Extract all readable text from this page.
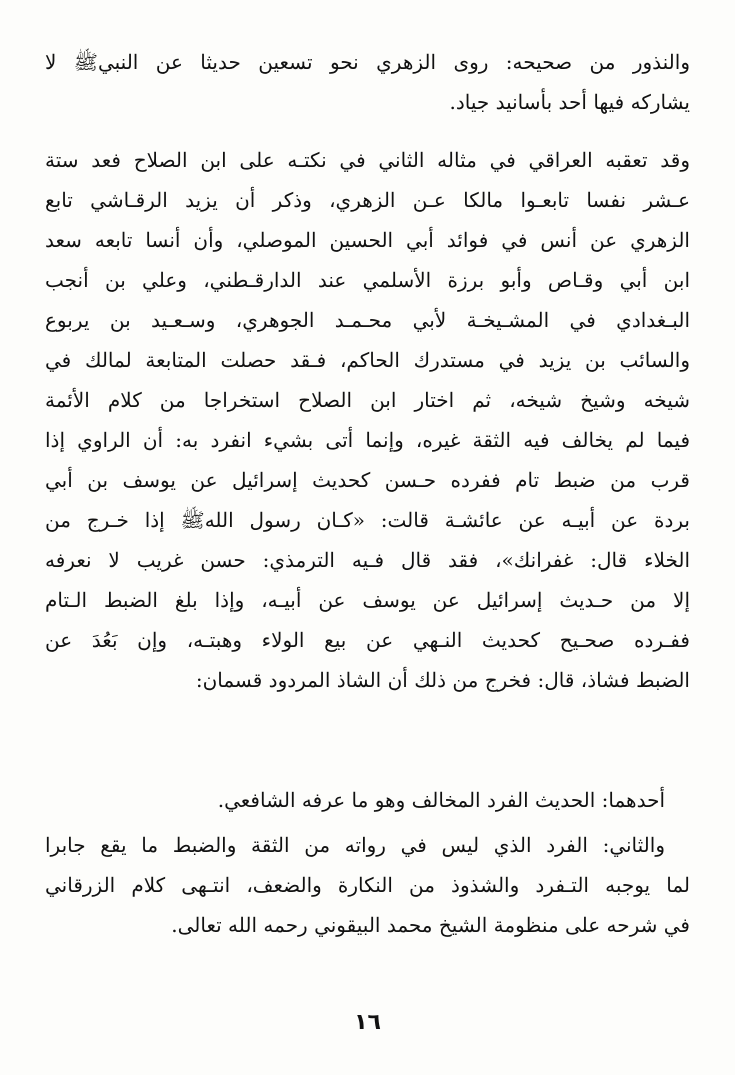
والنذور من صحيحه: روى الزهري نحو تسعين حديثا عن النبيﷺ لا
يشاركه فيها أحد بأسانيد جياد.
وقد تعقبه العراقي في مثاله الثاني في نكتـه على ابن الصلاح فعد ستة
عـشر نفسا تابعـوا مالكا عـن الزهري، وذكر أن يزيد الرقـاشي تابع
الزهري عن أنس في فوائد أبي الحسين الموصلي، وأن أنسا تابعه سعد
ابن أبي وقـاص وأبو برزة الأسلمي عند الدارقـطني، وعلي بن أنجب
البـغدادي في المشـيخـة لأبي محـمـد الجوهري، وسـعـيد بن يربوع
والسائب بن يزيد في مستدرك الحاكم، فـقد حصلت المتابعة لمالك في
شيخه وشيخ شيخه، ثم اختار ابن الصلاح استخراجا من كلام الأئمة
فيما لم يخالف فيه الثقة غيره، وإنما أتى بشيء انفرد به: أن الراوي إذا
قرب من ضبط تام ففرده حـسن كحديث إسرائيل عن يوسف بن أبي
بردة عن أبيـه عن عائشـة قالت: «كـان رسول اللهﷺ إذا خـرج من
الخلاء قال: غفرانك»، فقد قال فـيه الترمذي: حسن غريب لا نعرفه
إلا من حـديث إسرائيل عن يوسف عن أبيـه، وإذا بلغ الضبط الـتام
ففـرده صحـيح كحديث النـهي عن بيع الولاء وهبتـه، وإن بَعُدَ عن
الضبط فشاذ، قال: فخرج من ذلك أن الشاذ المردود قسمان:
أحدهما: الحديث الفرد المخالف وهو ما عرفه الشافعي.
والثاني: الفرد الذي ليس في رواته من الثقة والضبط ما يقع جابرا
لما يوجبه التـفرد والشذوذ من النكارة والضعف، انتـهى كلام الزرقاني
في شرحه على منظومة الشيخ محمد البيقوني رحمه الله تعالى.
١٦
